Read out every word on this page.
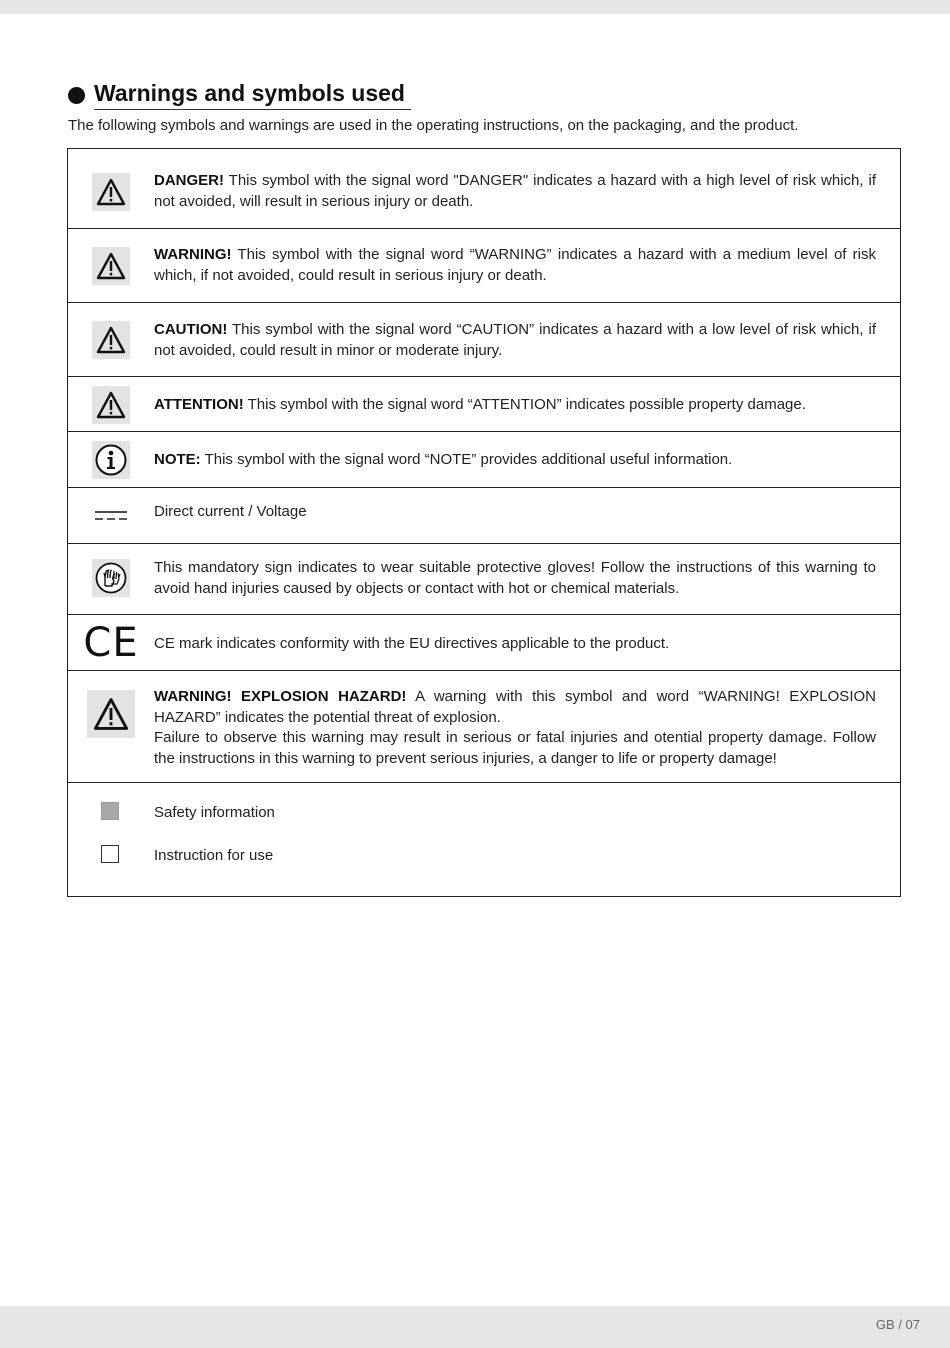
Warnings and symbols used
The following symbols and warnings are used in the operating instructions, on the packaging, and the product.
DANGER! This symbol with the signal word "DANGER" indicates a hazard with a high level of risk which, if not avoided, will result in serious injury or death.
WARNING! This symbol with the signal word “WARNING” indicates a hazard with a medium level of risk which, if not avoided, could result in serious injury or death.
CAUTION! This symbol with the signal word “CAUTION” indicates a hazard with a low level of risk which, if not avoided, could result in minor or moderate injury.
ATTENTION! This symbol with the signal word “ATTENTION” indicates possible property damage.
NOTE: This symbol with the signal word “NOTE” provides additional useful information.
Direct current / Voltage
This mandatory sign indicates to wear suitable protective gloves! Follow the instructions of this warning to avoid hand injuries caused by objects or contact with hot or chemical materials.
CE CE mark indicates conformity with the EU directives applicable to the product.
WARNING! EXPLOSION HAZARD! A warning with this symbol and word “WARNING! EXPLOSION HAZARD” indicates the potential threat of explosion.
Failure to observe this warning may result in serious or fatal injuries and otential property damage. Follow the instructions in this warning to prevent serious injuries, a danger to life or property damage!
Safety information
Instruction for use
GB / 07
